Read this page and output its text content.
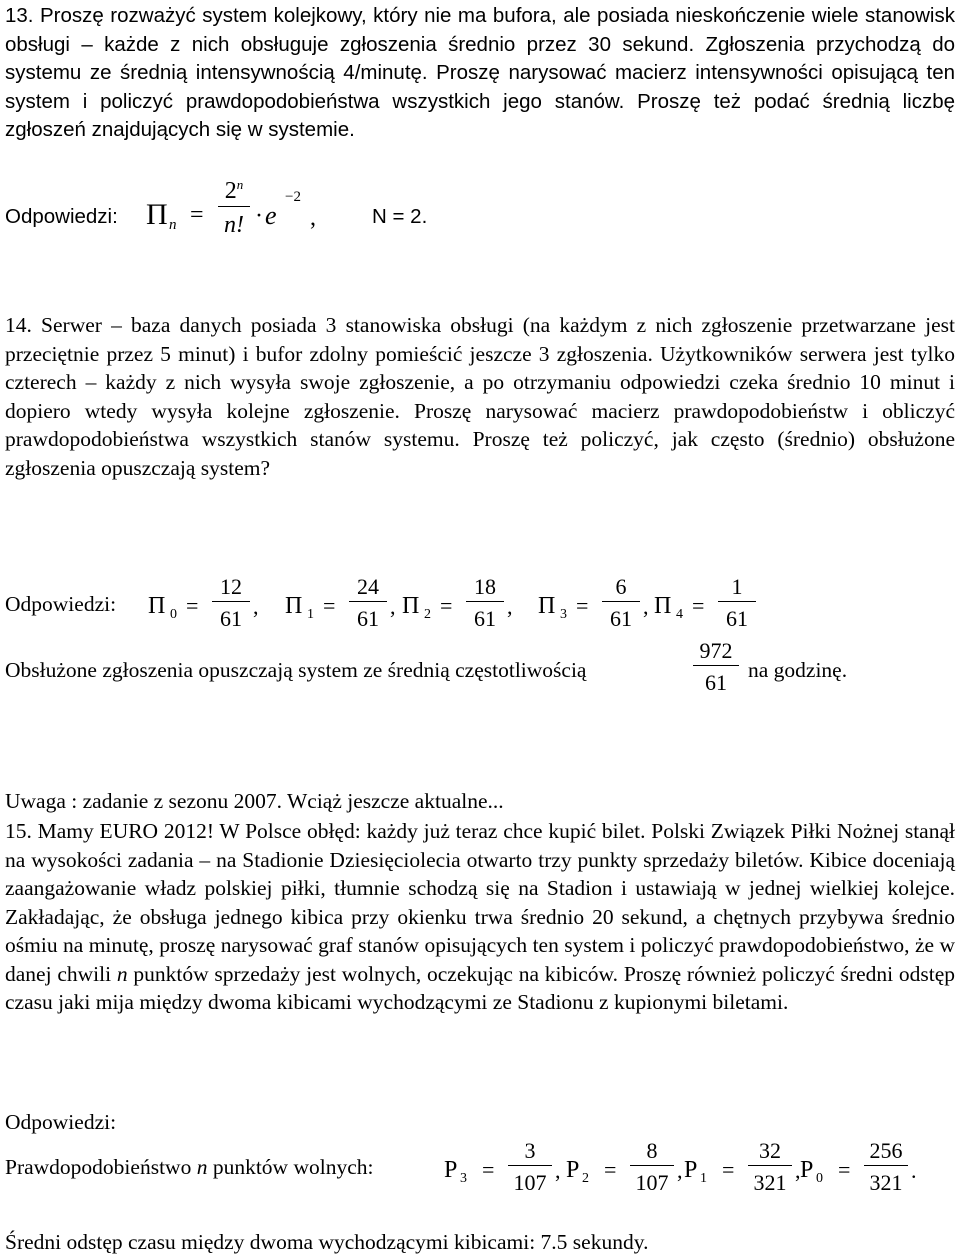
13. Proszę rozważyć system kolejkowy, który nie ma bufora, ale posiada nieskończenie wiele stanowisk obsługi – każde z nich obsługuje zgłoszenia średnio przez 30 sekund. Zgłoszenia przychodzą do systemu ze średnią intensywnością 4/minutę. Proszę narysować macierz intensywności opisującą ten system i policzyć prawdopodobieństwa wszystkich jego stanów. Proszę też podać średnią liczbę zgłoszeń znajdujących się w systemie.
Odpowiedzi: Π n =
$2^n$
n! · e
−2
,	N = 2.
14. Serwer – baza danych posiada 3 stanowiska obsługi (na każdym z nich zgłoszenie przetwarzane jest przeciętnie przez 5 minut) i bufor zdolny pomieścić jeszcze 3 zgłoszenia. Użytkowników serwera jest tylko czterech – każdy z nich wysyła swoje zgłoszenie, a po otrzymaniu odpowiedzi czeka średnio 10 minut i dopiero wtedy wysyła kolejne zgłoszenie. Proszę narysować macierz prawdopodobieństw i obliczyć prawdopodobieństwa wszystkich stanów systemu. Proszę też policzyć, jak często (średnio) obsłużone zgłoszenia opuszczają system?
Odpowiedzi: Π 0 =
12
61 , Π 1 =
24
61 , Π 2 =
18
61 , Π 3 =
6
61 , Π 4 =
1
61
Obsłużone zgłoszenia opuszczają system ze średnią częstotliwością
972
61 na godzinę.
Uwaga : zadanie z sezonu 2007. Wciąż jeszcze aktualne...
15. Mamy EURO 2012! W Polsce obłęd: każdy już teraz chce kupić bilet. Polski Związek Piłki Nożnej stanął na wysokości zadania – na Stadionie Dziesięciolecia otwarto trzy punkty sprzedaży biletów. Kibice doceniają zaangażowanie władz polskiej piłki, tłumnie schodzą się na Stadion i ustawiają w jednej wielkiej kolejce. Zakładając, że obsługa jednego kibica przy okienku trwa średnio 20 sekund, a chętnych przybywa średnio ośmiu na minutę, proszę narysować graf stanów opisujących ten system i policzyć prawdopodobieństwo, że w danej chwili n punktów sprzedaży jest wolnych, oczekując na kibiców. Proszę również policzyć średni odstęp czasu jaki mija między dwoma kibicami wychodzącymi ze Stadionu z kupionymi biletami.
Odpowiedzi:
Prawdopodobieństwo n punktów wolnych:	P 3 =
3
107 , P 2 =
8
107 , P 1 =
32
321 , P 0 =
256
321 .
Średni odstęp czasu między dwoma wychodzącymi kibicami: 7.5 sekundy.
